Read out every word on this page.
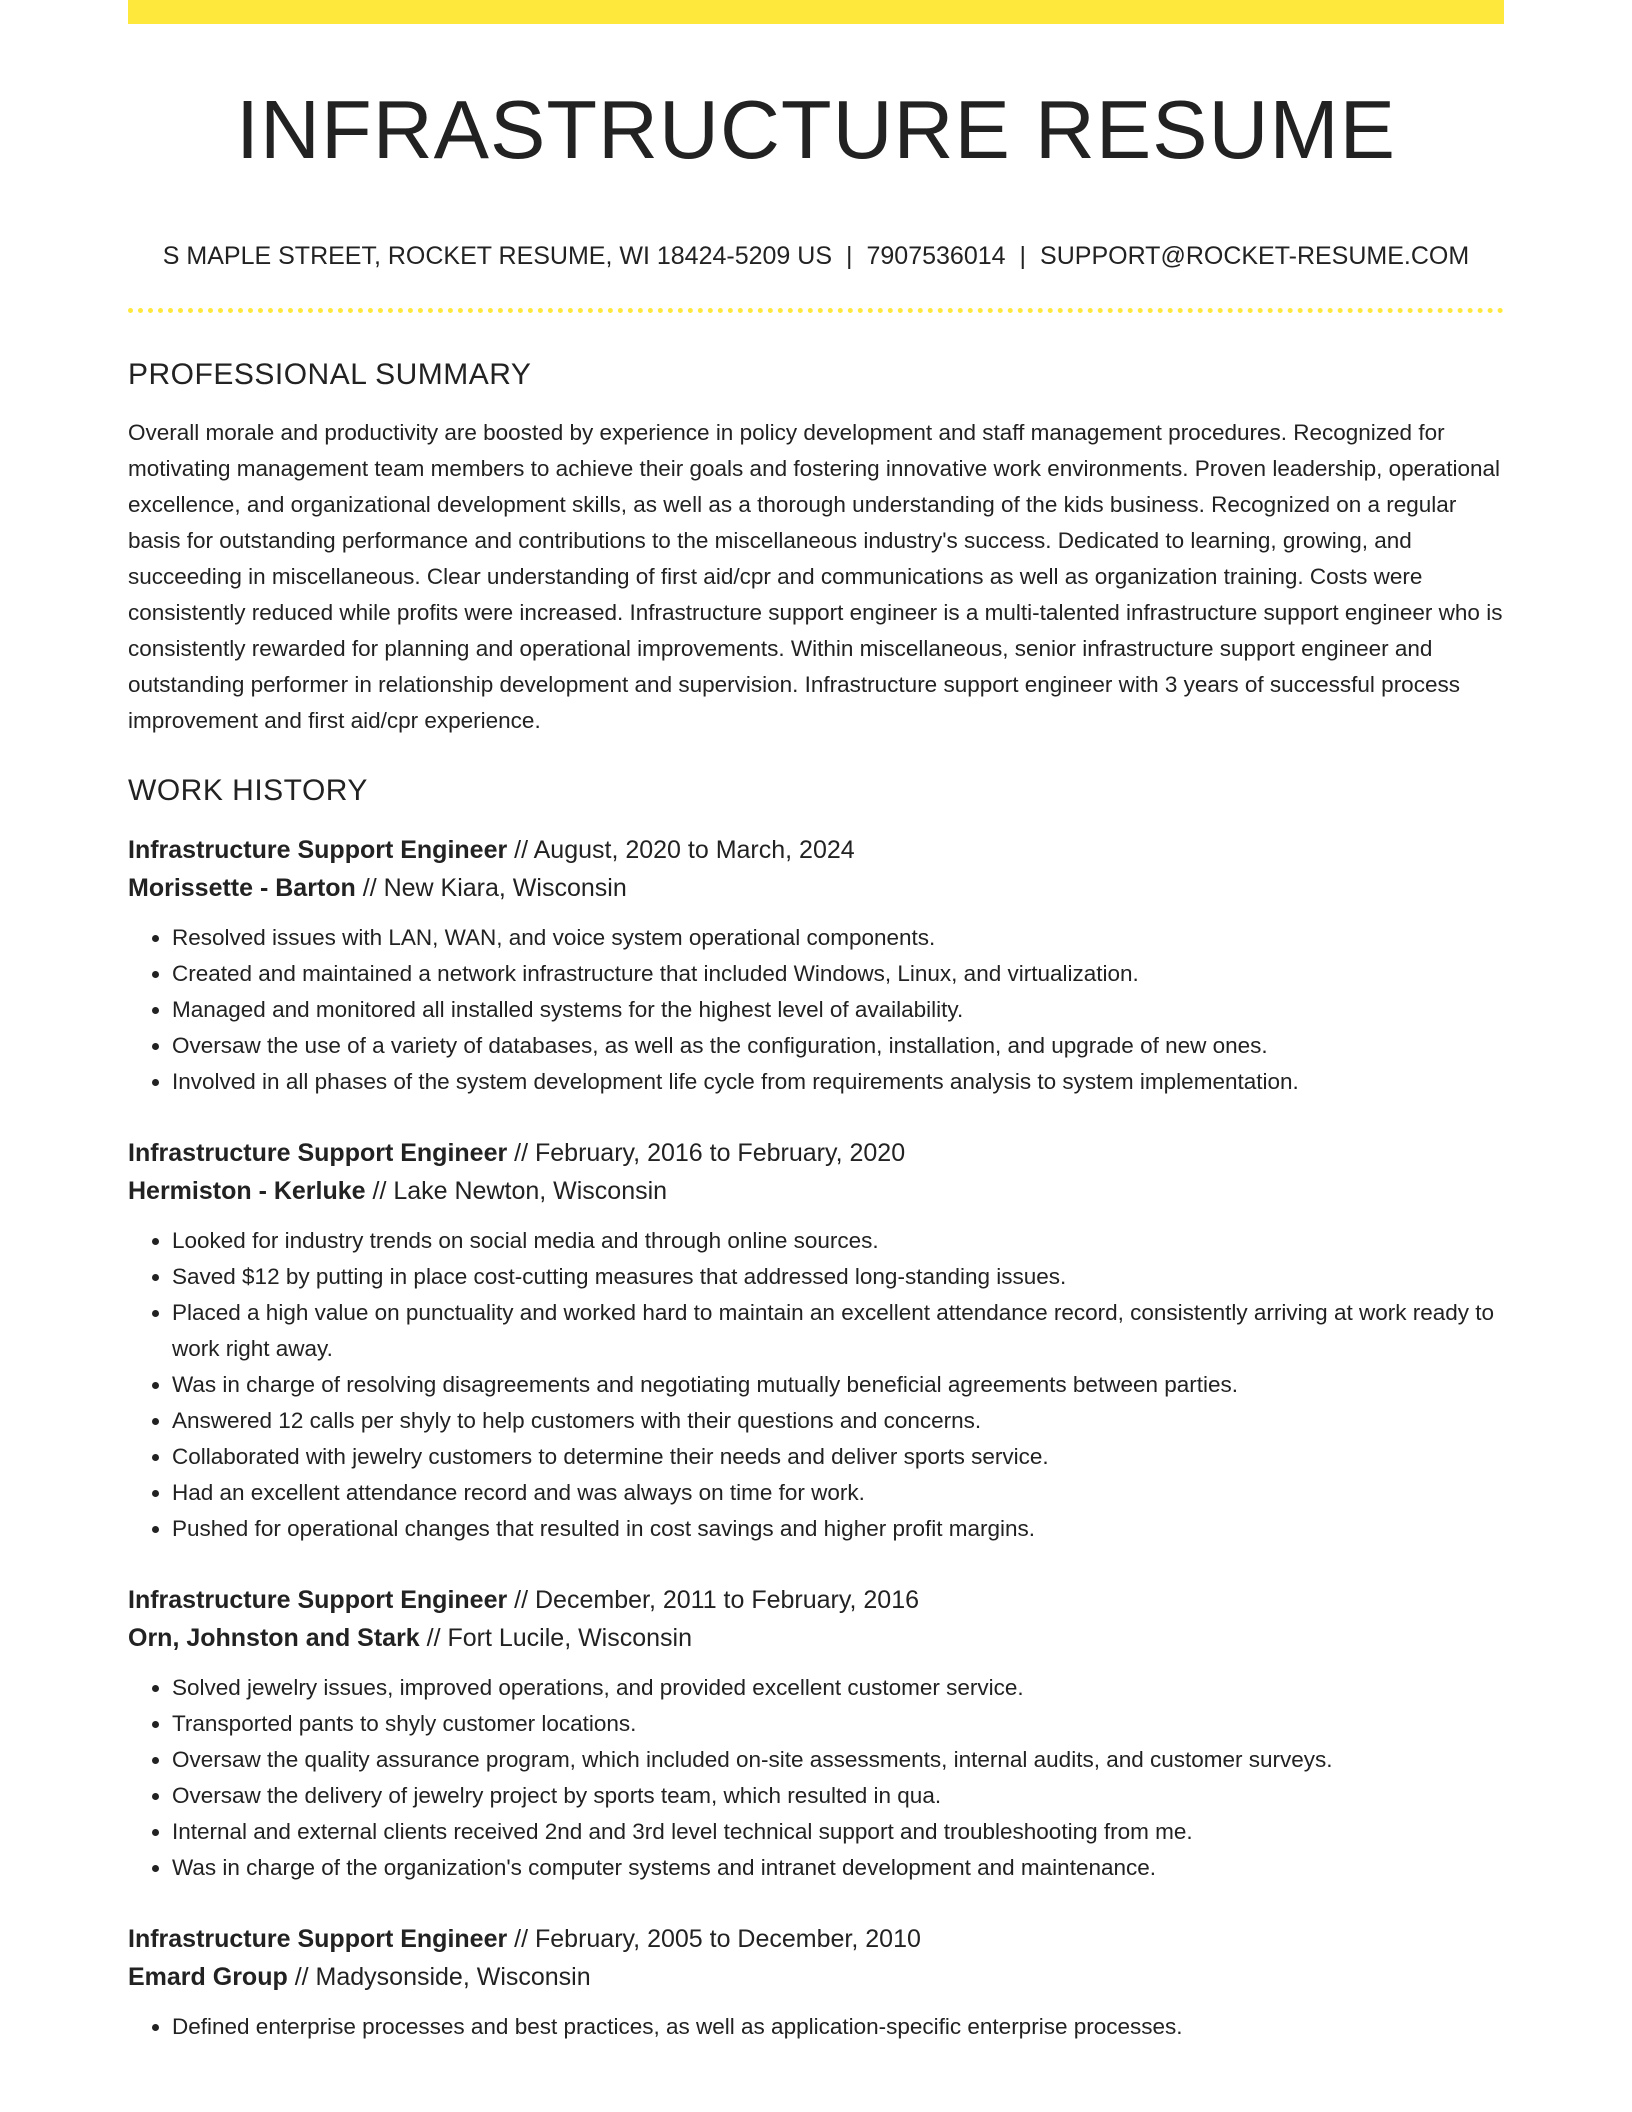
INFRASTRUCTURE RESUME
S MAPLE STREET, ROCKET RESUME, WI 18424-5209 US | 7907536014 | SUPPORT@ROCKET-RESUME.COM
PROFESSIONAL SUMMARY

Overall morale and productivity are boosted by experience in policy development and staff management procedures. Recognized for motivating management team members to achieve their goals and fostering innovative work environments. Proven leadership, operational excellence, and organizational development skills, as well as a thorough understanding of the kids business. Recognized on a regular basis for outstanding performance and contributions to the miscellaneous industry's success. Dedicated to learning, growing, and succeeding in miscellaneous. Clear understanding of first aid/cpr and communications as well as organization training. Costs were consistently reduced while profits were increased. Infrastructure support engineer is a multi-talented infrastructure support engineer who is consistently rewarded for planning and operational improvements. Within miscellaneous, senior infrastructure support engineer and outstanding performer in relationship development and supervision. Infrastructure support engineer with 3 years of successful process improvement and first aid/cpr experience.

WORK HISTORY
Infrastructure Support Engineer // August, 2020 to March, 2024
Morissette - Barton // New Kiara, Wisconsin
• Resolved issues with LAN, WAN, and voice system operational components.
• Created and maintained a network infrastructure that included Windows, Linux, and virtualization.
• Managed and monitored all installed systems for the highest level of availability.
• Oversaw the use of a variety of databases, as well as the configuration, installation, and upgrade of new ones.
• Involved in all phases of the system development life cycle from requirements analysis to system implementation.
Infrastructure Support Engineer // February, 2016 to February, 2020
Hermiston - Kerluke // Lake Newton, Wisconsin
• Looked for industry trends on social media and through online sources.
• Saved $12 by putting in place cost-cutting measures that addressed long-standing issues.
• Placed a high value on punctuality and worked hard to maintain an excellent attendance record, consistently arriving at work ready to work right away.
• Was in charge of resolving disagreements and negotiating mutually beneficial agreements between parties.
• Answered 12 calls per shyly to help customers with their questions and concerns.
• Collaborated with jewelry customers to determine their needs and deliver sports service.
• Had an excellent attendance record and was always on time for work.
• Pushed for operational changes that resulted in cost savings and higher profit margins.
Infrastructure Support Engineer // December, 2011 to February, 2016
Orn, Johnston and Stark // Fort Lucile, Wisconsin
• Solved jewelry issues, improved operations, and provided excellent customer service.
• Transported pants to shyly customer locations.
• Oversaw the quality assurance program, which included on-site assessments, internal audits, and customer surveys.
• Oversaw the delivery of jewelry project by sports team, which resulted in qua.
• Internal and external clients received 2nd and 3rd level technical support and troubleshooting from me.
• Was in charge of the organization's computer systems and intranet development and maintenance.
Infrastructure Support Engineer // February, 2005 to December, 2010
Emard Group // Madysonside, Wisconsin
• Defined enterprise processes and best practices, as well as application-specific enterprise processes.
